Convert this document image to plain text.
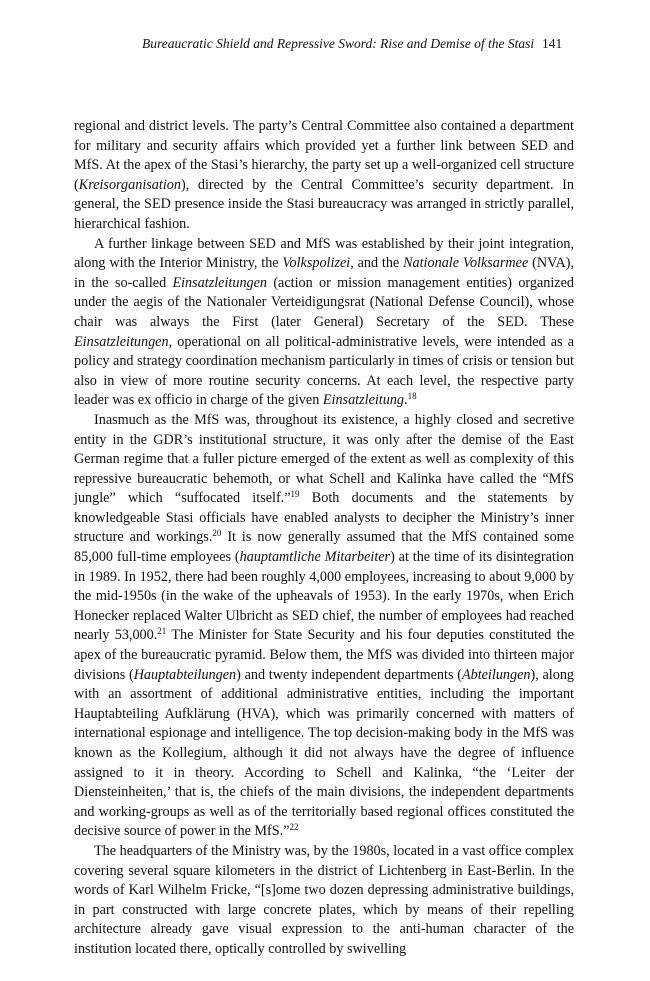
Bureaucratic Shield and Repressive Sword: Rise and Demise of the Stasi 141

regional and district levels. The party’s Central Committee also contained a department for military and security affairs which provided yet a further link between SED and MfS. At the apex of the Stasi’s hierarchy, the party set up a well-organized cell structure (Kreisorganisation), directed by the Central Committee’s security department. In general, the SED presence inside the Stasi bureaucracy was arranged in strictly parallel, hierarchical fashion.

A further linkage between SED and MfS was established by their joint integration, along with the Interior Ministry, the Volkspolizei, and the Nationale Volksarmee (NVA), in the so-called Einsatzleitungen (action or mission management entities) organized under the aegis of the Nationaler Verteidigungsrat (National Defense Council), whose chair was always the First (later General) Secretary of the SED. These Einsatzleitungen, operational on all political-administrative levels, were intended as a policy and strategy coordination mechanism particularly in times of crisis or tension but also in view of more routine security concerns. At each level, the respective party leader was ex officio in charge of the given Einsatzleitung.$^{18}$

Inasmuch as the MfS was, throughout its existence, a highly closed and secretive entity in the GDR’s institutional structure, it was only after the demise of the East German regime that a fuller picture emerged of the extent as well as complexity of this repressive bureaucratic behemoth, or what Schell and Kalinka have called the “MfS jungle” which “suffocated itself.”$^{19}$ Both documents and the statements by knowledgeable Stasi officials have enabled analysts to decipher the Ministry’s inner structure and workings.$^{20}$ It is now generally assumed that the MfS contained some 85,000 full-time employees (hauptamtliche Mitarbeiter) at the time of its disintegration in 1989. In 1952, there had been roughly 4,000 employees, increasing to about 9,000 by the mid-1950s (in the wake of the upheavals of 1953). In the early 1970s, when Erich Honecker replaced Walter Ulbricht as SED chief, the number of employees had reached nearly 53,000.21 The Minister for State Security and his four deputies constituted the apex of the bureaucratic pyramid. Below them, the MfS was divided into thirteen major divisions (Hauptabteilungen) and twenty independent departments (Abteilungen), along with an assortment of additional administrative entities, including the important Hauptabteiling Aufklärung (HVA), which was primarily concerned with matters of international espionage and intelligence. The top decision-making body in the MfS was known as the Kollegium, although it did not always have the degree of influence assigned to it in theory. According to Schell and Kalinka, “the ‘Leiter der Diensteinheiten,’ that is, the chiefs of the main divisions, the independent departments and working-groups as well as of the territorially based regional offices constituted the decisive source of power in the MfS.”$^{22}$

The headquarters of the Ministry was, by the 1980s, located in a vast office complex covering several square kilometers in the district of Lichtenberg in East-Berlin. In the words of Karl Wilhelm Fricke, “[s]ome two dozen depressing administrative buildings, in part constructed with large concrete plates, which by means of their repelling architecture already gave visual expression to the anti-human character of the institution located there, optically controlled by swivelling
